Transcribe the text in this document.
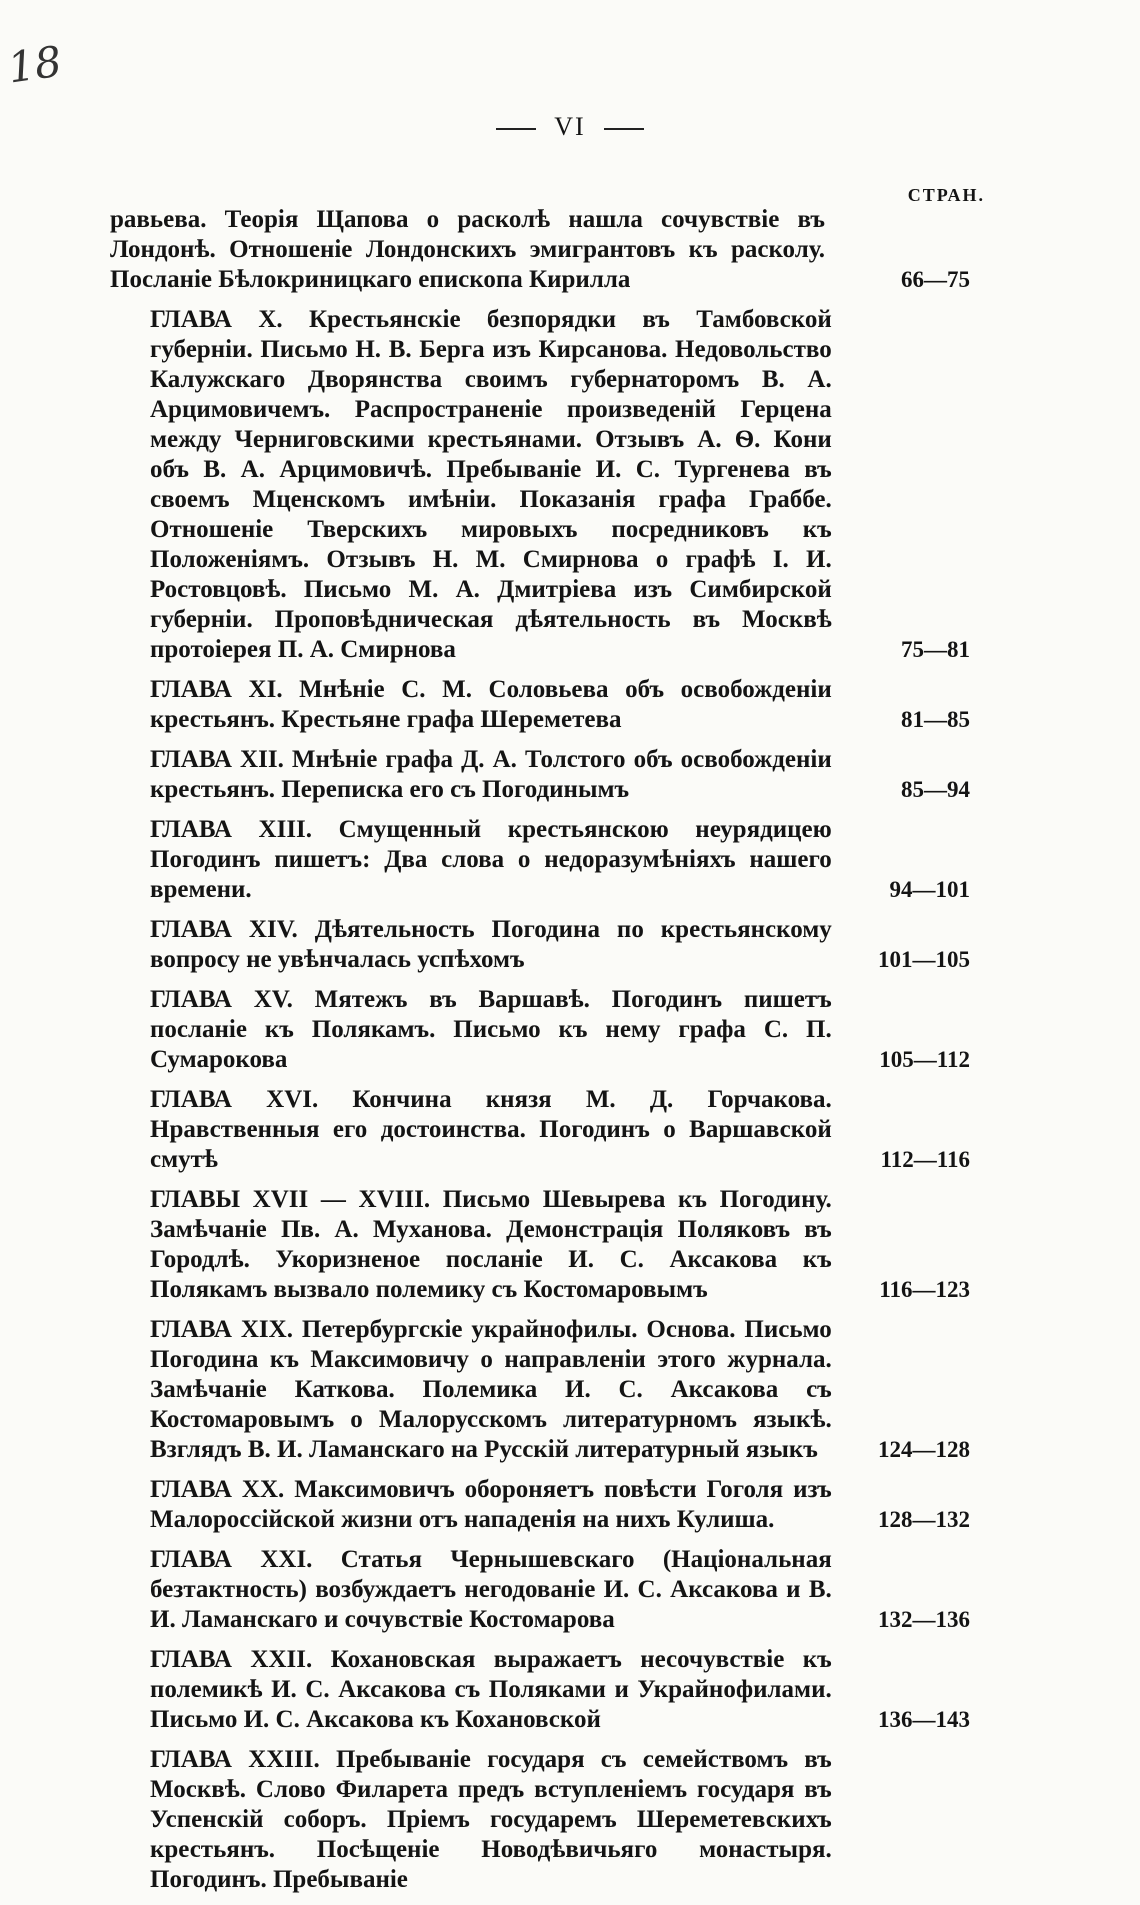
18
VI
СТРАН.
равьева. Теорія Щапова о расколѣ нашла сочувствіе въ Лондонѣ. Отношеніе Лондонскихъ эмигрантовъ къ расколу. Посланіе Бѣлокриницкаго епископа Кирилла	66—75
ГЛАВА X. Крестьянскіе безпорядки въ Тамбовской губерніи. Письмо Н. В. Берга изъ Кирсанова. Недовольство Калужскаго Дворянства своимъ губернаторомъ В. А. Арцимовичемъ. Распространеніе произведеній Герцена между Черниговскими крестьянами. Отзывъ А. Ѳ. Кони объ В. А. Арцимовичѣ. Пребываніе И. С. Тургенева въ своемъ Мценскомъ имѣніи. Показанія графа Граббе. Отношеніе Тверскихъ мировыхъ посредниковъ къ Положеніямъ. Отзывъ Н. М. Смирнова о графѣ І. И. Ростовцовѣ. Письмо М. А. Дмитріева изъ Симбирской губерніи. Проповѣдническая дѣятельность въ Москвѣ протоіерея П. А. Смирнова	75—81
ГЛАВА XI. Мнѣніе С. М. Соловьева объ освобожденіи крестьянъ. Крестьяне графа Шереметева	81—85
ГЛАВА XII. Мнѣніе графа Д. А. Толстого объ освобожденіи крестьянъ. Переписка его съ Погодинымъ	85—94
ГЛАВА XIII. Смущенный крестьянскою неурядицею Погодинъ пишетъ: Два слова о недоразумѣніяхъ нашего времени.	94—101
ГЛАВА XIV. Дѣятельность Погодина по крестьянскому вопросу не увѣнчалась успѣхомъ	101—105
ГЛАВА XV. Мятежъ въ Варшавѣ. Погодинъ пишетъ посланіе къ Полякамъ. Письмо къ нему графа С. П. Сумарокова	105—112
ГЛАВА XVI. Кончина князя М. Д. Горчакова. Нравственныя его достоинства. Погодинъ о Варшавской смутѣ	112—116
ГЛАВЫ XVII — XVIII. Письмо Шевырева къ Погодину. Замѣчаніе Пв. А. Муханова. Демонстрація Поляковъ въ Городлѣ. Укоризненое посланіе И. С. Аксакова къ Полякамъ вызвало полемику съ Костомаровымъ	116—123
ГЛАВА XIX. Петербургскіе украйнофилы. Основа. Письмо Погодина къ Максимовичу о направленіи этого журнала. Замѣчаніе Каткова. Полемика И. С. Аксакова съ Костомаровымъ о Малорусскомъ литературномъ языкѣ. Взглядъ В. И. Ламанскаго на Русскій литературный языкъ	124—128
ГЛАВА XX. Максимовичъ обороняетъ повѣсти Гоголя изъ Малороссійской жизни отъ нападенія на нихъ Кулиша.	128—132
ГЛАВА XXI. Статья Чернышевскаго (Національная безтактность) возбуждаетъ негодованіе И. С. Аксакова и В. И. Ламанскаго и сочувствіе Костомарова	132—136
ГЛАВА XXII. Кохановская выражаетъ несочувствіе къ полемикѣ И. С. Аксакова съ Поляками и Украйнофилами. Письмо И. С. Аксакова къ Кохановской	136—143
ГЛАВА XXIII. Пребываніе государя съ семействомъ въ Москвѣ. Слово Филарета предъ вступленіемъ государя въ Успенскій соборъ. Пріемъ государемъ Шереметевскихъ крестьянъ. Посѣщеніе Новодѣвичьяго монастыря. Погодинъ. Пребываніе
